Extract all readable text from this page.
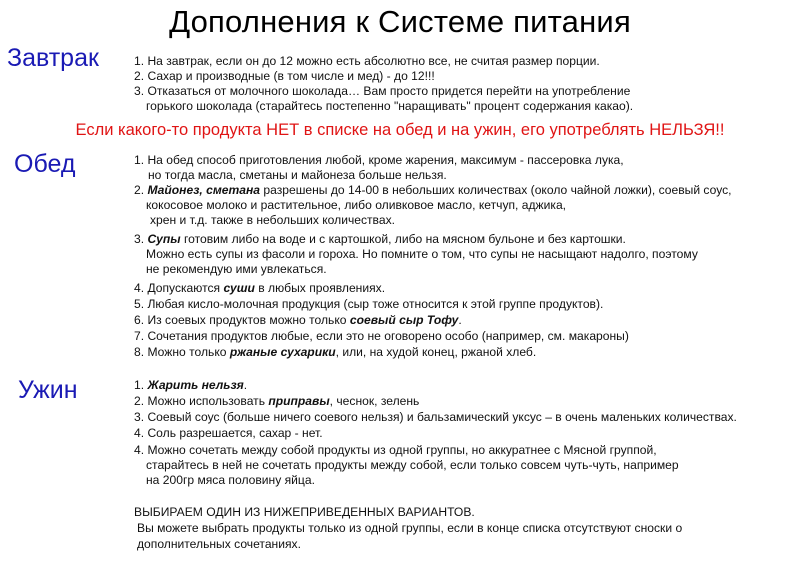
Дополнения к Системе питания
Завтрак	1. На завтрак, если он до 12 можно есть абсолютно все, не считая размер порции.
2. Сахар и производные (в том числе и мед) - до 12!!!
3. Отказаться от молочного шоколада… Вам просто придется перейти на употребление
горького шоколада (старайтесь постепенно "наращивать" процент содержания какао).
Если какого-то продукта НЕТ в списке на обед и на ужин, его употреблять НЕЛЬЗЯ!!
Обед	1. На обед способ приготовления любой, кроме жарения, максимум - пассеровка лука,
но тогда масла, сметаны и майонеза больше нельзя.
2. Майонез, сметана разрешены до 14-00 в небольших количествах (около чайной ложки), соевый соус,
кокосовое молоко и растительное, либо оливковое масло, кетчуп, аджика,
хрен и т.д. также в небольших количествах.
3. Супы готовим либо на воде и с картошкой, либо на мясном бульоне и без картошки.
Можно есть супы из фасоли и гороха. Но помните о том, что супы не насыщают надолго, поэтому
не рекомендую ими увлекаться.
4. Допускаются суши в любых проявлениях.
5. Любая кисло-молочная продукция (сыр тоже относится к этой группе продуктов).
6. Из соевых продуктов можно только соевый сыр Тофу.
7. Сочетания продуктов любые, если это не оговорено особо (например, см. макароны)
8. Можно только ржаные сухарики, или, на худой конец, ржаной хлеб.
Ужин	1. Жарить нельзя.
2. Можно использовать приправы, чеснок, зелень
3. Соевый соус (больше ничего соевого нельзя) и бальзамический уксус – в очень маленьких количествах.
4. Соль разрешается, сахар - нет.
4. Можно сочетать между собой продукты из одной группы, но аккуратнее с Мясной группой,
старайтесь в ней не сочетать продукты между собой, если только совсем чуть-чуть, например
на 200гр мяса половину яйца.
ВЫБИРАЕМ ОДИН ИЗ НИЖЕПРИВЕДЕННЫХ ВАРИАНТОВ.
Вы можете выбрать продукты только из одной группы, если в конце списка отсутствуют сноски о
дополнительных сочетаниях.
